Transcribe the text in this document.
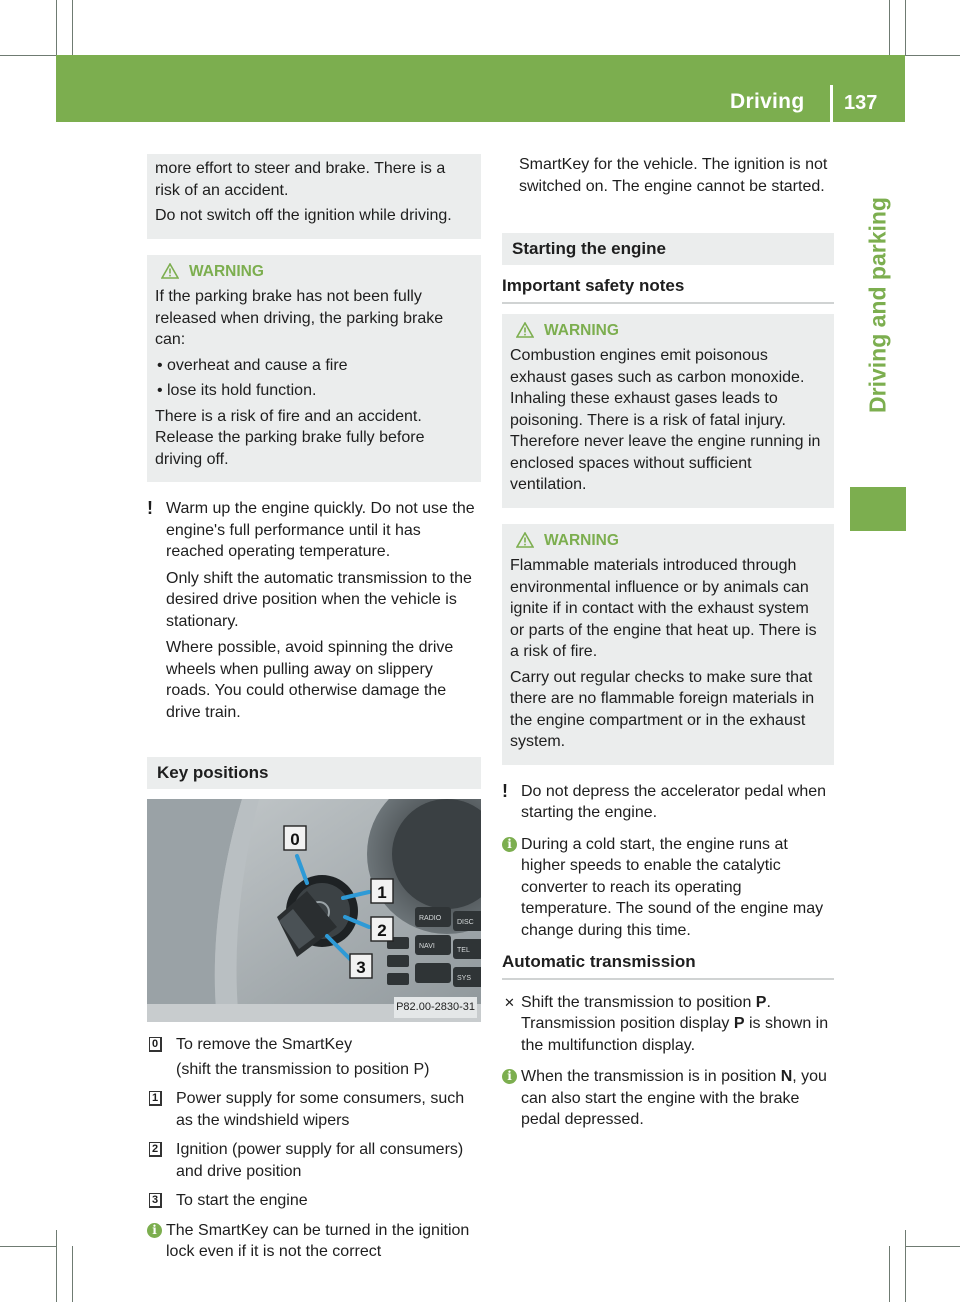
Driving 137
Driving and parking

more effort to steer and brake. There is a risk of an accident.

Do not switch off the ignition while driving.

WARNING

If the parking brake has not been fully released when driving, the parking brake can:

• overheat and cause a fire

• lose its hold function.

There is a risk of fire and an accident. Release the parking brake fully before driving off.

! Warm up the engine quickly. Do not use the engine's full performance until it has reached operating temperature.

Only shift the automatic transmission to the desired drive position when the vehicle is stationary.

Where possible, avoid spinning the drive wheels when pulling away on slippery roads. You could otherwise damage the drive train.

Key positions
RADIO
DISC
NAVI
TEL
SYS
0
1
2
3
P82.00-2830-31
0 To remove the SmartKey

(shift the transmission to position P)

1 Power supply for some consumers, such as the windshield wipers

2 Ignition (power supply for all consumers) and drive position

3 To start the engine

i The SmartKey can be turned in the ignition lock even if it is not the correct

SmartKey for the vehicle. The ignition is not switched on. The engine cannot be started.

Starting the engine
Important safety notes
WARNING

Combustion engines emit poisonous exhaust gases such as carbon monoxide. Inhaling these exhaust gases leads to poisoning. There is a risk of fatal injury. Therefore never leave the engine running in enclosed spaces without sufficient ventilation.

WARNING

Flammable materials introduced through environmental influence or by animals can ignite if in contact with the exhaust system or parts of the engine that heat up. There is a risk of fire.

Carry out regular checks to make sure that there are no flammable foreign materials in the engine compartment or in the exhaust system.

! Do not depress the accelerator pedal when starting the engine.

i During a cold start, the engine runs at higher speeds to enable the catalytic converter to reach its operating temperature. The sound of the engine may change during this time.

Automatic transmission
✕ Shift the transmission to position P. Transmission position display P is shown in the multifunction display.

i When the transmission is in position N, you can also start the engine with the brake pedal depressed.
